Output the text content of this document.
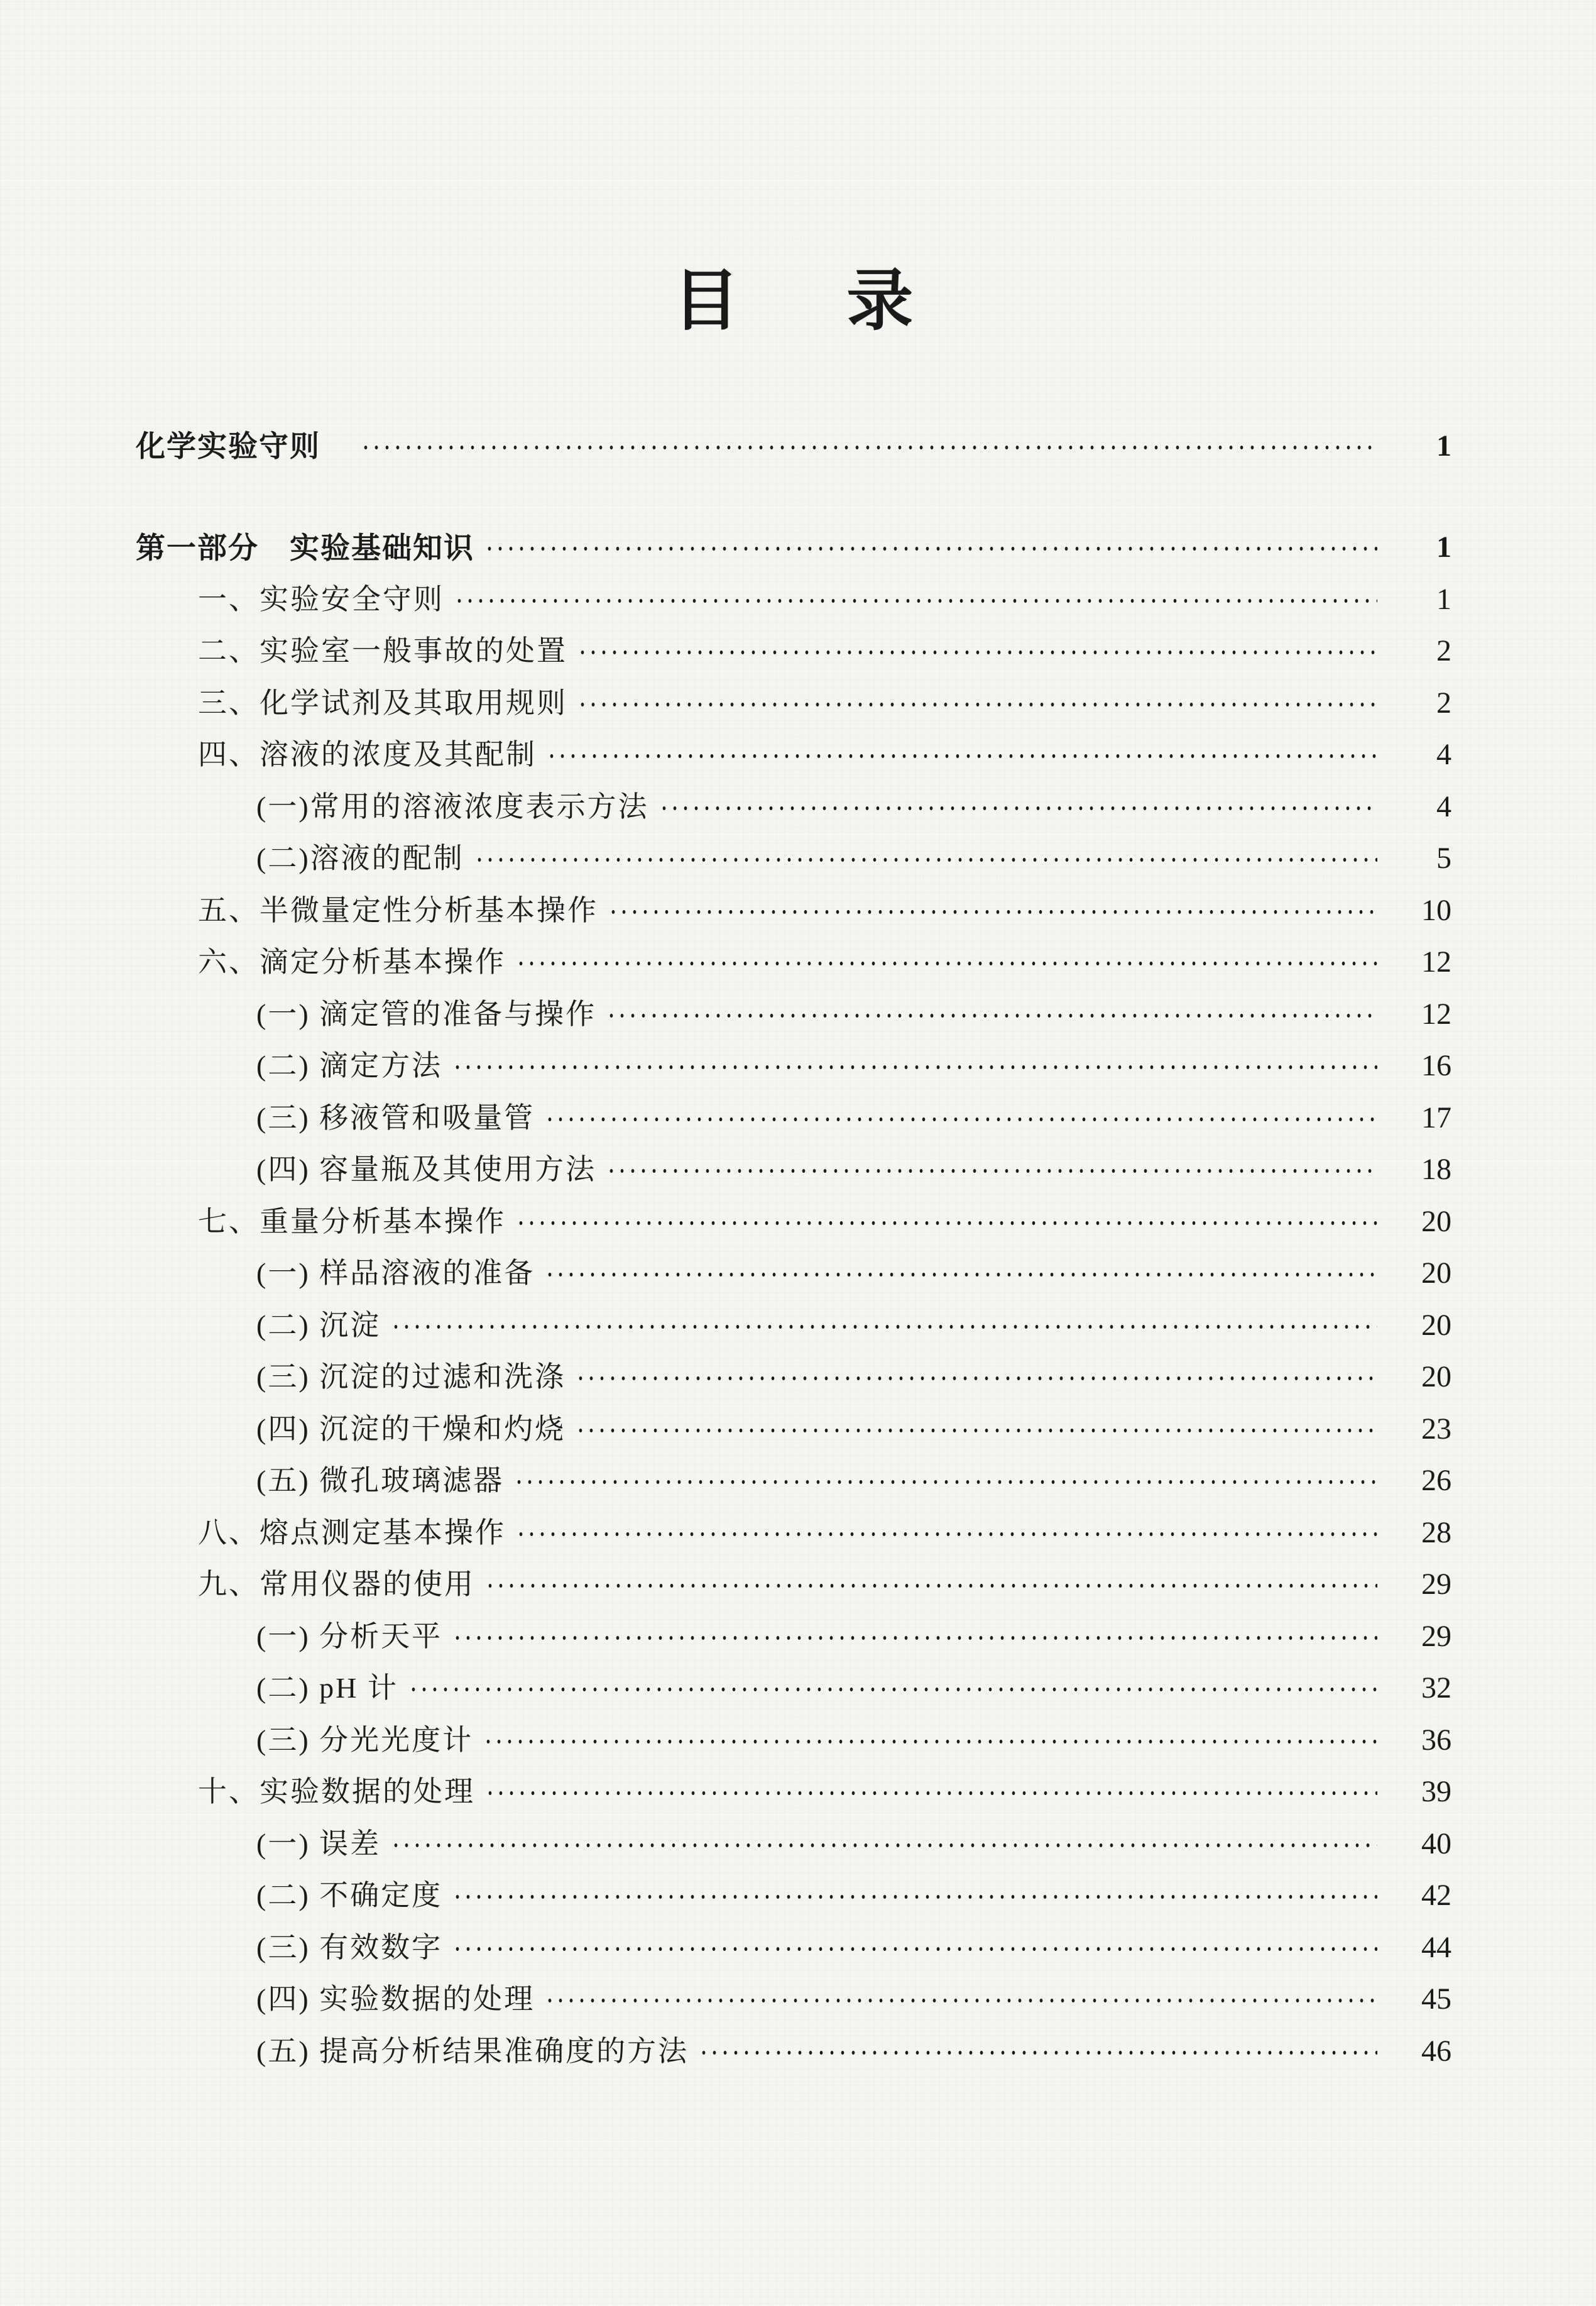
目 录
化学实验守则	1
第一部分　实验基础知识	1
一、实验安全守则	1
二、实验室一般事故的处置	2
三、化学试剂及其取用规则	2
四、溶液的浓度及其配制	4
(一)常用的溶液浓度表示方法	4
(二)溶液的配制	5
五、半微量定性分析基本操作	10
六、滴定分析基本操作	12
(一) 滴定管的准备与操作	12
(二) 滴定方法	16
(三) 移液管和吸量管	17
(四) 容量瓶及其使用方法	18
七、重量分析基本操作	20
(一) 样品溶液的准备	20
(二) 沉淀	20
(三) 沉淀的过滤和洗涤	20
(四) 沉淀的干燥和灼烧	23
(五) 微孔玻璃滤器	26
八、熔点测定基本操作	28
九、常用仪器的使用	29
(一) 分析天平	29
(二) pH 计	32
(三) 分光光度计	36
十、实验数据的处理	39
(一) 误差	40
(二) 不确定度	42
(三) 有效数字	44
(四) 实验数据的处理	45
(五) 提高分析结果准确度的方法	46
